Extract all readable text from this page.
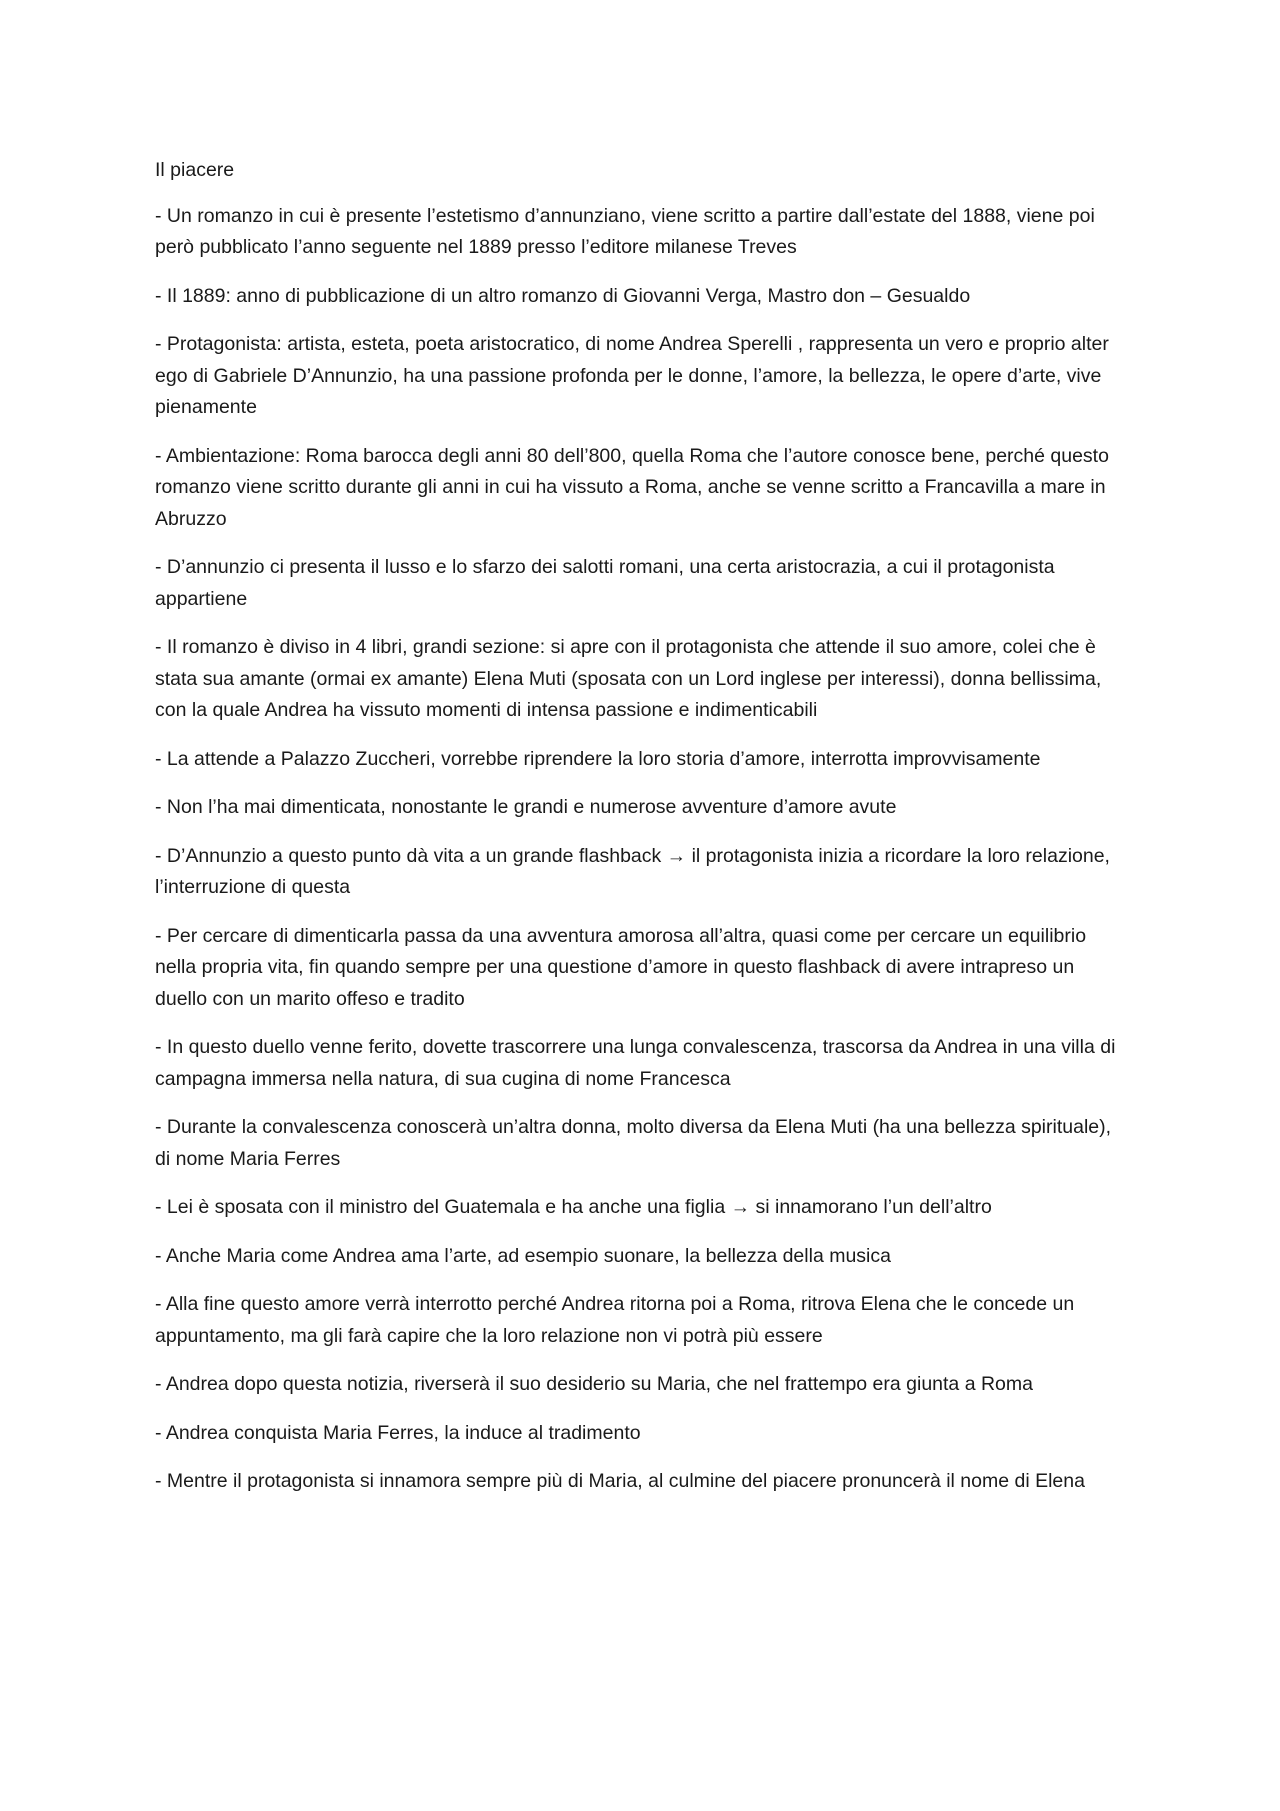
Il piacere

- Un romanzo in cui è presente l’estetismo d’annunziano, viene scritto a partire dall’estate del 1888, viene poi però pubblicato l’anno seguente nel 1889 presso l’editore milanese Treves

- Il 1889: anno di pubblicazione di un altro romanzo di Giovanni Verga, Mastro don – Gesualdo

- Protagonista: artista, esteta, poeta aristocratico, di nome Andrea Sperelli , rappresenta un vero e proprio alter ego di Gabriele D’Annunzio, ha una passione profonda per le donne, l’amore, la bellezza, le opere d’arte, vive pienamente

- Ambientazione: Roma barocca degli anni 80 dell’800, quella Roma che l’autore conosce bene, perché questo romanzo viene scritto durante gli anni in cui ha vissuto a Roma, anche se venne scritto a Francavilla a mare in Abruzzo

- D’annunzio ci presenta il lusso e lo sfarzo dei salotti romani, una certa aristocrazia, a cui il protagonista appartiene

- Il romanzo è diviso in 4 libri, grandi sezione: si apre con il protagonista che attende il suo amore, colei che è stata sua amante (ormai ex amante) Elena Muti (sposata con un Lord inglese per interessi), donna bellissima, con la quale Andrea ha vissuto momenti di intensa passione e indimenticabili

- La attende a Palazzo Zuccheri, vorrebbe riprendere la loro storia d’amore, interrotta improvvisamente

- Non l’ha mai dimenticata, nonostante le grandi e numerose avventure d’amore avute

- D’Annunzio a questo punto dà vita a un grande flashback → il protagonista inizia a ricordare la loro relazione, l’interruzione di questa

- Per cercare di dimenticarla passa da una avventura amorosa all’altra, quasi come per cercare un equilibrio nella propria vita, fin quando sempre per una questione d’amore in questo flashback di avere intrapreso un duello con un marito offeso e tradito

- In questo duello venne ferito, dovette trascorrere una lunga convalescenza, trascorsa da Andrea in una villa di campagna immersa nella natura, di sua cugina di nome Francesca

- Durante la convalescenza conoscerà un’altra donna, molto diversa da Elena Muti (ha una bellezza spirituale), di nome Maria Ferres

- Lei è sposata con il ministro del Guatemala e ha anche una figlia → si innamorano l’un dell’altro

- Anche Maria come Andrea ama l’arte, ad esempio suonare, la bellezza della musica

- Alla fine questo amore verrà interrotto perché Andrea ritorna poi a Roma, ritrova Elena che le concede un appuntamento, ma gli farà capire che la loro relazione non vi potrà più essere

- Andrea dopo questa notizia, riverserà il suo desiderio su Maria, che nel frattempo era giunta a Roma

- Andrea conquista Maria Ferres, la induce al tradimento

- Mentre il protagonista si innamora sempre più di Maria, al culmine del piacere pronuncerà il nome di Elena
